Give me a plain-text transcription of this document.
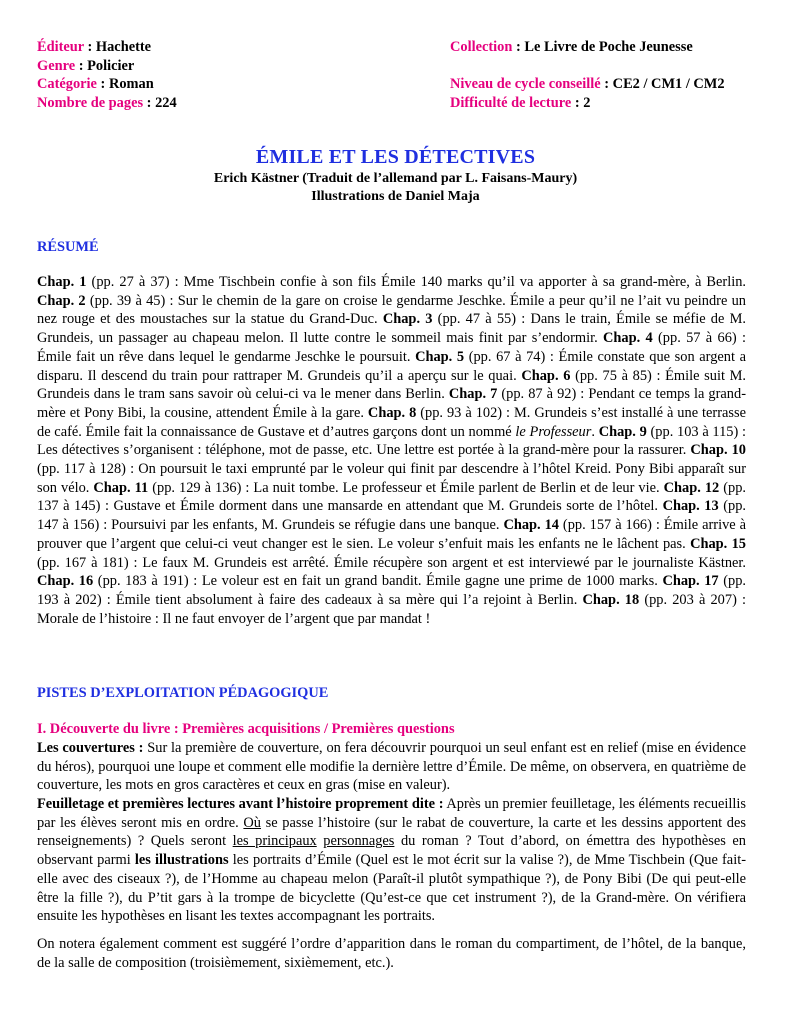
Éditeur : Hachette	Collection : Le Livre de Poche Jeunesse
Genre : Policier
Catégorie : Roman	Niveau de cycle conseillé : CE2 / CM1 / CM2
Nombre de pages : 224	Difficulté de lecture : 2
ÉMILE ET LES DÉTECTIVES
Erich Kästner (Traduit de l’allemand par L. Faisans-Maury)
Illustrations de Daniel Maja
RÉSUMÉ
Chap. 1 (pp. 27 à 37) : Mme Tischbein confie à son fils Émile 140 marks qu’il va apporter à sa grand-mère, à Berlin. Chap. 2 (pp. 39 à 45) : Sur le chemin de la gare on croise le gendarme Jeschke. Émile a peur qu’il ne l’ait vu peindre un nez rouge et des moustaches sur la statue du Grand-Duc. Chap. 3 (pp. 47 à 55) : Dans le train, Émile se méfie de M. Grundeis, un passager au chapeau melon. Il lutte contre le sommeil mais finit par s’endormir. Chap. 4 (pp. 57 à 66) : Émile fait un rêve dans lequel le gendarme Jeschke le poursuit. Chap. 5 (pp. 67 à 74) : Émile constate que son argent a disparu. Il descend du train pour rattraper M. Grundeis qu’il a aperçu sur le quai. Chap. 6 (pp. 75 à 85) : Émile suit M. Grundeis dans le tram sans savoir où celui-ci va le mener dans Berlin. Chap. 7 (pp. 87 à 92) : Pendant ce temps la grand-mère et Pony Bibi, la cousine, attendent Émile à la gare. Chap. 8 (pp. 93 à 102) : M. Grundeis s’est installé à une terrasse de café. Émile fait la connaissance de Gustave et d’autres garçons dont un nommé le Professeur. Chap. 9 (pp. 103 à 115) : Les détectives s’organisent : téléphone, mot de passe, etc. Une lettre est portée à la grand-mère pour la rassurer. Chap. 10 (pp. 117 à 128) : On poursuit le taxi emprunté par le voleur qui finit par descendre à l’hôtel Kreid. Pony Bibi apparaît sur son vélo. Chap. 11 (pp. 129 à 136) : La nuit tombe. Le professeur et Émile parlent de Berlin et de leur vie. Chap. 12 (pp. 137 à 145) : Gustave et Émile dorment dans une mansarde en attendant que M. Grundeis sorte de l’hôtel. Chap. 13 (pp. 147 à 156) : Poursuivi par les enfants, M. Grundeis se réfugie dans une banque. Chap. 14 (pp. 157 à 166) : Émile arrive à prouver que l’argent que celui-ci veut changer est le sien. Le voleur s’enfuit mais les enfants ne le lâchent pas. Chap. 15 (pp. 167 à 181) : Le faux M. Grundeis est arrêté. Émile récupère son argent et est interviewé par le journaliste Kästner. Chap. 16 (pp. 183 à 191) : Le voleur est en fait un grand bandit. Émile gagne une prime de 1000 marks. Chap. 17 (pp. 193 à 202) : Émile tient absolument à faire des cadeaux à sa mère qui l’a rejoint à Berlin. Chap. 18 (pp. 203 à 207) : Morale de l’histoire : Il ne faut envoyer de l’argent que par mandat !
PISTES D’EXPLOITATION PÉDAGOGIQUE
I. Découverte du livre : Premières acquisitions / Premières questions
Les couvertures : Sur la première de couverture, on fera découvrir pourquoi un seul enfant est en relief (mise en évidence du héros), pourquoi une loupe et comment elle modifie la dernière lettre d’Émile. De même, on observera, en quatrième de couverture, les mots en gros caractères et ceux en gras (mise en valeur).
Feuilletage et premières lectures avant l’histoire proprement dite : Après un premier feuilletage, les éléments recueillis par les élèves seront mis en ordre. Où se passe l’histoire (sur le rabat de couverture, la carte et les dessins apportent des renseignements) ? Quels seront les principaux personnages du roman ? Tout d’abord, on émettra des hypothèses en observant parmi les illustrations les portraits d’Émile (Quel est le mot écrit sur la valise ?), de Mme Tischbein (Que fait-elle avec des ciseaux ?), de l’Homme au chapeau melon (Paraît-il plutôt sympathique ?), de Pony Bibi (De qui peut-elle être la fille ?), du P’tit gars à la trompe de bicyclette (Qu’est-ce que cet instrument ?), de la Grand-mère. On vérifiera ensuite les hypothèses en lisant les textes accompagnant les portraits.
On notera également comment est suggéré l’ordre d’apparition dans le roman du compartiment, de l’hôtel, de la banque, de la salle de composition (troisièmement, sixièmement, etc.).
